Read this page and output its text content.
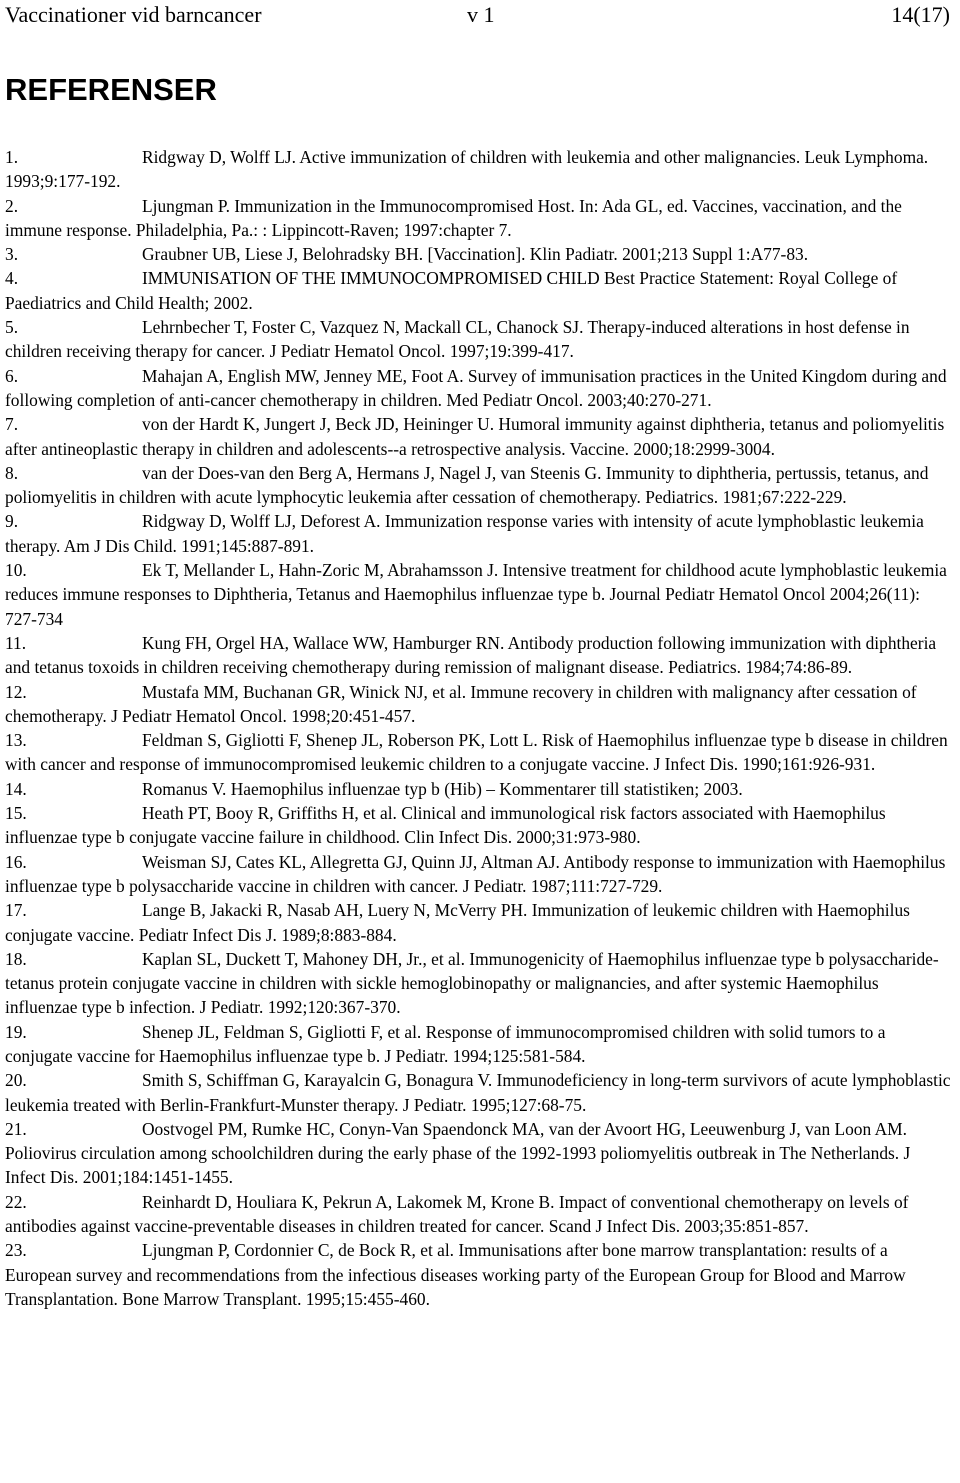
Vaccinationer vid barncancer	v 1	14(17)
REFERENSER
1.	Ridgway D, Wolff LJ. Active immunization of children with leukemia and other malignancies. Leuk Lymphoma. 1993;9:177-192.
2.	Ljungman P. Immunization in the Immunocompromised Host. In: Ada GL, ed. Vaccines, vaccination, and the immune response. Philadelphia, Pa.: : Lippincott-Raven; 1997:chapter 7.
3.	Graubner UB, Liese J, Belohradsky BH. [Vaccination]. Klin Padiatr. 2001;213 Suppl 1:A77-83.
4.	IMMUNISATION OF THE IMMUNOCOMPROMISED CHILD Best Practice Statement: Royal College of Paediatrics and Child Health; 2002.
5.	Lehrnbecher T, Foster C, Vazquez N, Mackall CL, Chanock SJ. Therapy-induced alterations in host defense in children receiving therapy for cancer. J Pediatr Hematol Oncol. 1997;19:399-417.
6.	Mahajan A, English MW, Jenney ME, Foot A. Survey of immunisation practices in the United Kingdom during and following completion of anti-cancer chemotherapy in children. Med Pediatr Oncol. 2003;40:270-271.
7.	von der Hardt K, Jungert J, Beck JD, Heininger U. Humoral immunity against diphtheria, tetanus and poliomyelitis after antineoplastic therapy in children and adolescents--a retrospective analysis. Vaccine. 2000;18:2999-3004.
8.	van der Does-van den Berg A, Hermans J, Nagel J, van Steenis G. Immunity to diphtheria, pertussis, tetanus, and poliomyelitis in children with acute lymphocytic leukemia after cessation of chemotherapy. Pediatrics. 1981;67:222-229.
9.	Ridgway D, Wolff LJ, Deforest A. Immunization response varies with intensity of acute lymphoblastic leukemia therapy. Am J Dis Child. 1991;145:887-891.
10.	Ek T, Mellander L, Hahn-Zoric M, Abrahamsson J. Intensive treatment for childhood acute lymphoblastic leukemia reduces immune responses to Diphtheria, Tetanus and Haemophilus influenzae type b. Journal Pediatr Hematol Oncol 2004;26(11): 727-734
11.	Kung FH, Orgel HA, Wallace WW, Hamburger RN. Antibody production following immunization with diphtheria and tetanus toxoids in children receiving chemotherapy during remission of malignant disease. Pediatrics. 1984;74:86-89.
12.	Mustafa MM, Buchanan GR, Winick NJ, et al. Immune recovery in children with malignancy after cessation of chemotherapy. J Pediatr Hematol Oncol. 1998;20:451-457.
13.	Feldman S, Gigliotti F, Shenep JL, Roberson PK, Lott L. Risk of Haemophilus influenzae type b disease in children with cancer and response of immunocompromised leukemic children to a conjugate vaccine. J Infect Dis. 1990;161:926-931.
14.	Romanus V. Haemophilus influenzae typ b (Hib) – Kommentarer till statistiken; 2003.
15.	Heath PT, Booy R, Griffiths H, et al. Clinical and immunological risk factors associated with Haemophilus influenzae type b conjugate vaccine failure in childhood. Clin Infect Dis. 2000;31:973-980.
16.	Weisman SJ, Cates KL, Allegretta GJ, Quinn JJ, Altman AJ. Antibody response to immunization with Haemophilus influenzae type b polysaccharide vaccine in children with cancer. J Pediatr. 1987;111:727-729.
17.	Lange B, Jakacki R, Nasab AH, Luery N, McVerry PH. Immunization of leukemic children with Haemophilus conjugate vaccine. Pediatr Infect Dis J. 1989;8:883-884.
18.	Kaplan SL, Duckett T, Mahoney DH, Jr., et al. Immunogenicity of Haemophilus influenzae type b polysaccharide-tetanus protein conjugate vaccine in children with sickle hemoglobinopathy or malignancies, and after systemic Haemophilus influenzae type b infection. J Pediatr. 1992;120:367-370.
19.	Shenep JL, Feldman S, Gigliotti F, et al. Response of immunocompromised children with solid tumors to a conjugate vaccine for Haemophilus influenzae type b. J Pediatr. 1994;125:581-584.
20.	Smith S, Schiffman G, Karayalcin G, Bonagura V. Immunodeficiency in long-term survivors of acute lymphoblastic leukemia treated with Berlin-Frankfurt-Munster therapy. J Pediatr. 1995;127:68-75.
21.	Oostvogel PM, Rumke HC, Conyn-Van Spaendonck MA, van der Avoort HG, Leeuwenburg J, van Loon AM. Poliovirus circulation among schoolchildren during the early phase of the 1992-1993 poliomyelitis outbreak in The Netherlands. J Infect Dis. 2001;184:1451-1455.
22.	Reinhardt D, Houliara K, Pekrun A, Lakomek M, Krone B. Impact of conventional chemotherapy on levels of antibodies against vaccine-preventable diseases in children treated for cancer. Scand J Infect Dis. 2003;35:851-857.
23.	Ljungman P, Cordonnier C, de Bock R, et al. Immunisations after bone marrow transplantation: results of a European survey and recommendations from the infectious diseases working party of the European Group for Blood and Marrow Transplantation. Bone Marrow Transplant. 1995;15:455-460.
